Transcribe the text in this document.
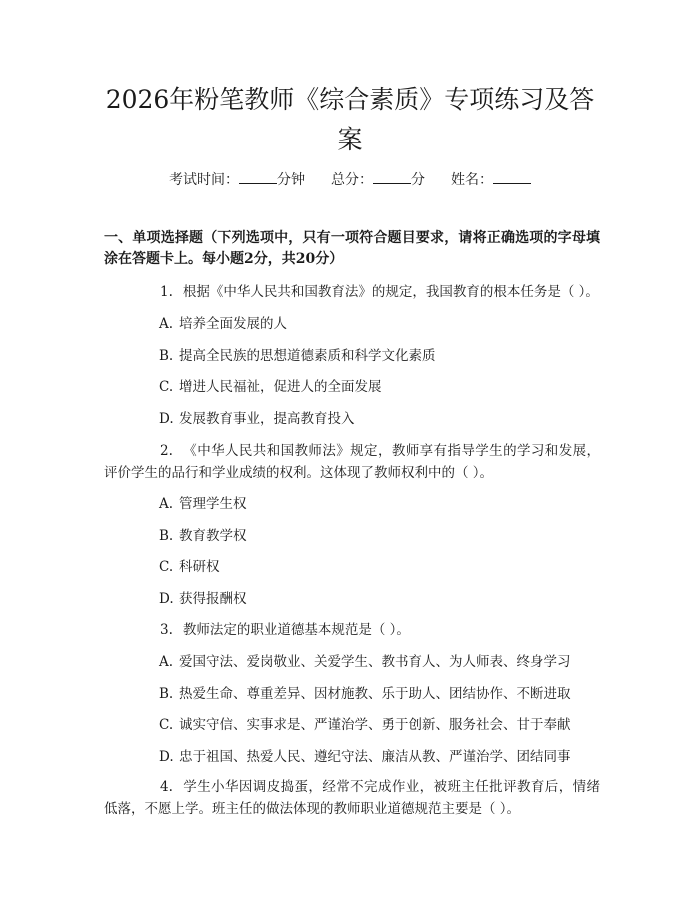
2026年粉笔教师《综合素质》专项练习及答案
考试时间：	分钟 总分：	分 姓名：

一、单项选择题（下列选项中，只有一项符合题目要求，请将正确选项的字母填涂在答题卡上。每小题2分，共20分）

1. 根据《中华人民共和国教育法》的规定，我国教育的根本任务是（ ）。

A. 培养全面发展的人
B. 提高全民族的思想道德素质和科学文化素质
C. 增进人民福祉，促进人的全面发展
D. 发展教育事业，提高教育投入

2. 《中华人民共和国教师法》规定，教师享有指导学生的学习和发展，评价学生的品行和学业成绩的权利。这体现了教师权利中的（ ）。

A. 管理学生权
B. 教育教学权
C. 科研权
D. 获得报酬权

3. 教师法定的职业道德基本规范是（ ）。

A. 爱国守法、爱岗敬业、关爱学生、教书育人、为人师表、终身学习
B. 热爱生命、尊重差异、因材施教、乐于助人、团结协作、不断进取
C. 诚实守信、实事求是、严谨治学、勇于创新、服务社会、甘于奉献
D. 忠于祖国、热爱人民、遵纪守法、廉洁从教、严谨治学、团结同事

4. 学生小华因调皮捣蛋，经常不完成作业，被班主任批评教育后，情绪低落，不愿上学。班主任的做法体现的教师职业道德规范主要是（ ）。
